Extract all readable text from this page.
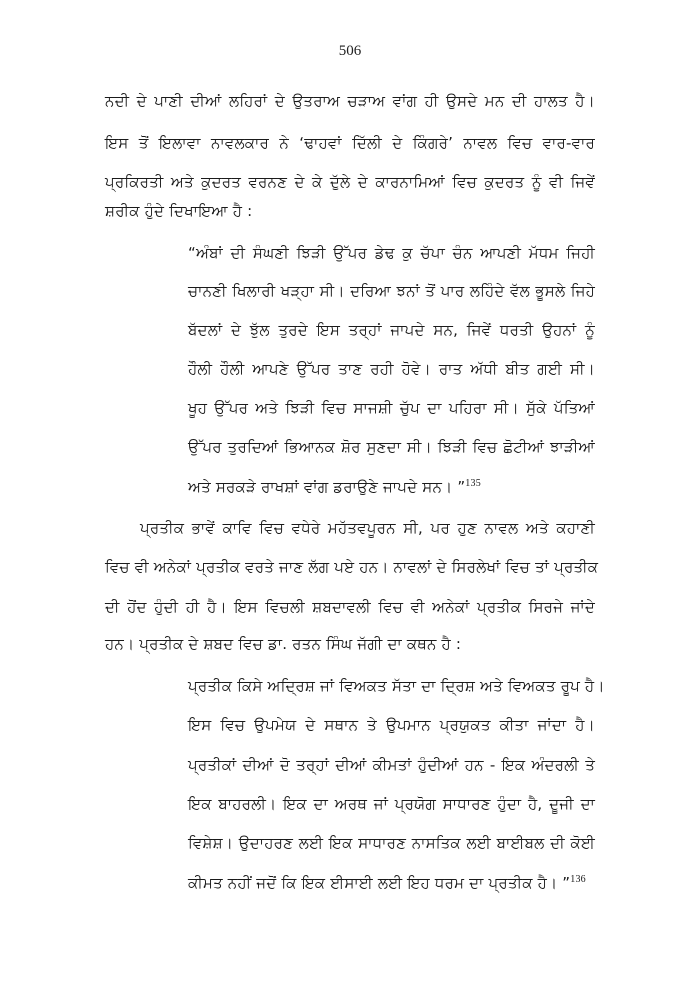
506
ਨਦੀ ਦੇ ਪਾਣੀ ਦੀਆਂ ਲਹਿਰਾਂ ਦੇ ਉਤਰਾਅ ਚੜਾਅ ਵਾਂਗ ਹੀ ਉਸਦੇ ਮਨ ਦੀ ਹਾਲਤ ਹੈ।
ਇਸ ਤੋਂ ਇਲਾਵਾ ਨਾਵਲਕਾਰ ਨੇ ‘ਢਾਹਵਾਂ ਦਿੱਲੀ ਦੇ ਕਿੰਗਰੇ’ ਨਾਵਲ ਵਿਚ ਵਾਰ-ਵਾਰ
ਪ੍ਰਕਿਰਤੀ ਅਤੇ ਕੁਦਰਤ ਵਰਨਣ ਦੇ ਕੇ ਦੁੱਲੇ ਦੇ ਕਾਰਨਾਮਿਆਂ ਵਿਚ ਕੁਦਰਤ ਨੂੰ ਵੀ ਜਿਵੇਂ
ਸ਼ਰੀਕ ਹੁੰਦੇ ਦਿਖਾਇਆ ਹੈ :
“ਅੰਬਾਂ ਦੀ ਸੰਘਣੀ ਝਿੜੀ ਉੱਪਰ ਡੇਢ ਕੁ ਚੱਪਾ ਚੰਨ ਆਪਣੀ ਮੱਧਮ ਜਿਹੀ
ਚਾਨਣੀ ਖਿਲਾਰੀ ਖੜ੍ਹਾ ਸੀ। ਦਰਿਆ ਝਨਾਂ ਤੋਂ ਪਾਰ ਲਹਿੰਦੇ ਵੱਲ ਭੂਸਲੇ ਜਿਹੇ
ਬੱਦਲਾਂ ਦੇ ਝੁੱਲ ਤੁਰਦੇ ਇਸ ਤਰ੍ਹਾਂ ਜਾਪਦੇ ਸਨ, ਜਿਵੇਂ ਧਰਤੀ ਉਹਨਾਂ ਨੂੰ
ਹੌਲੀ ਹੌਲੀ ਆਪਣੇ ਉੱਪਰ ਤਾਣ ਰਹੀ ਹੋਵੇ। ਰਾਤ ਅੱਧੀ ਬੀਤ ਗਈ ਸੀ।
ਖੂਹ ਉੱਪਰ ਅਤੇ ਝਿੜੀ ਵਿਚ ਸਾਜਸ਼ੀ ਚੁੱਪ ਦਾ ਪਹਿਰਾ ਸੀ। ਸੁੱਕੇ ਪੱਤਿਆਂ
ਉੱਪਰ ਤੁਰਦਿਆਂ ਭਿਆਨਕ ਸ਼ੋਰ ਸੁਣਦਾ ਸੀ। ਝਿੜੀ ਵਿਚ ਛੋਟੀਆਂ ਝਾੜੀਆਂ
ਅਤੇ ਸਰਕੜੇ ਰਾਖਸ਼ਾਂ ਵਾਂਗ ਡਰਾਉਣੇ ਜਾਪਦੇ ਸਨ। ”$^{135}$
ਪ੍ਰਤੀਕ ਭਾਵੇਂ ਕਾਵਿ ਵਿਚ ਵਧੇਰੇ ਮਹੱਤਵਪੂਰਨ ਸੀ, ਪਰ ਹੁਣ ਨਾਵਲ ਅਤੇ ਕਹਾਣੀ
ਵਿਚ ਵੀ ਅਨੇਕਾਂ ਪ੍ਰਤੀਕ ਵਰਤੇ ਜਾਣ ਲੱਗ ਪਏ ਹਨ। ਨਾਵਲਾਂ ਦੇ ਸਿਰਲੇਖਾਂ ਵਿਚ ਤਾਂ ਪ੍ਰਤੀਕ
ਦੀ ਹੋਂਦ ਹੁੰਦੀ ਹੀ ਹੈ। ਇਸ ਵਿਚਲੀ ਸ਼ਬਦਾਵਲੀ ਵਿਚ ਵੀ ਅਨੇਕਾਂ ਪ੍ਰਤੀਕ ਸਿਰਜੇ ਜਾਂਦੇ
ਹਨ। ਪ੍ਰਤੀਕ ਦੇ ਸ਼ਬਦ ਵਿਚ ਡਾ. ਰਤਨ ਸਿੰਘ ਜੱਗੀ ਦਾ ਕਥਨ ਹੈ :
ਪ੍ਰਤੀਕ ਕਿਸੇ ਅਦ੍ਰਿਸ਼ ਜਾਂ ਵਿਅਕਤ ਸੱਤਾ ਦਾ ਦ੍ਰਿਸ਼ ਅਤੇ ਵਿਅਕਤ ਰੂਪ ਹੈ।
ਇਸ ਵਿਚ ਉਪਮੇਯ ਦੇ ਸਥਾਨ ਤੇ ਉਪਮਾਨ ਪ੍ਰਯੁਕਤ ਕੀਤਾ ਜਾਂਦਾ ਹੈ।
ਪ੍ਰਤੀਕਾਂ ਦੀਆਂ ਦੋ ਤਰ੍ਹਾਂ ਦੀਆਂ ਕੀਮਤਾਂ ਹੁੰਦੀਆਂ ਹਨ - ਇਕ ਅੰਦਰਲੀ ਤੇ
ਇਕ ਬਾਹਰਲੀ। ਇਕ ਦਾ ਅਰਥ ਜਾਂ ਪ੍ਰਯੋਗ ਸਾਧਾਰਣ ਹੁੰਦਾ ਹੈ, ਦੂਜੀ ਦਾ
ਵਿਸ਼ੇਸ਼। ਉਦਾਹਰਣ ਲਈ ਇਕ ਸਾਧਾਰਣ ਨਾਸਤਿਕ ਲਈ ਬਾਈਬਲ ਦੀ ਕੋਈ
ਕੀਮਤ ਨਹੀਂ ਜਦੋਂ ਕਿ ਇਕ ਈਸਾਈ ਲਈ ਇਹ ਧਰਮ ਦਾ ਪ੍ਰਤੀਕ ਹੈ। ”$^{136}$
